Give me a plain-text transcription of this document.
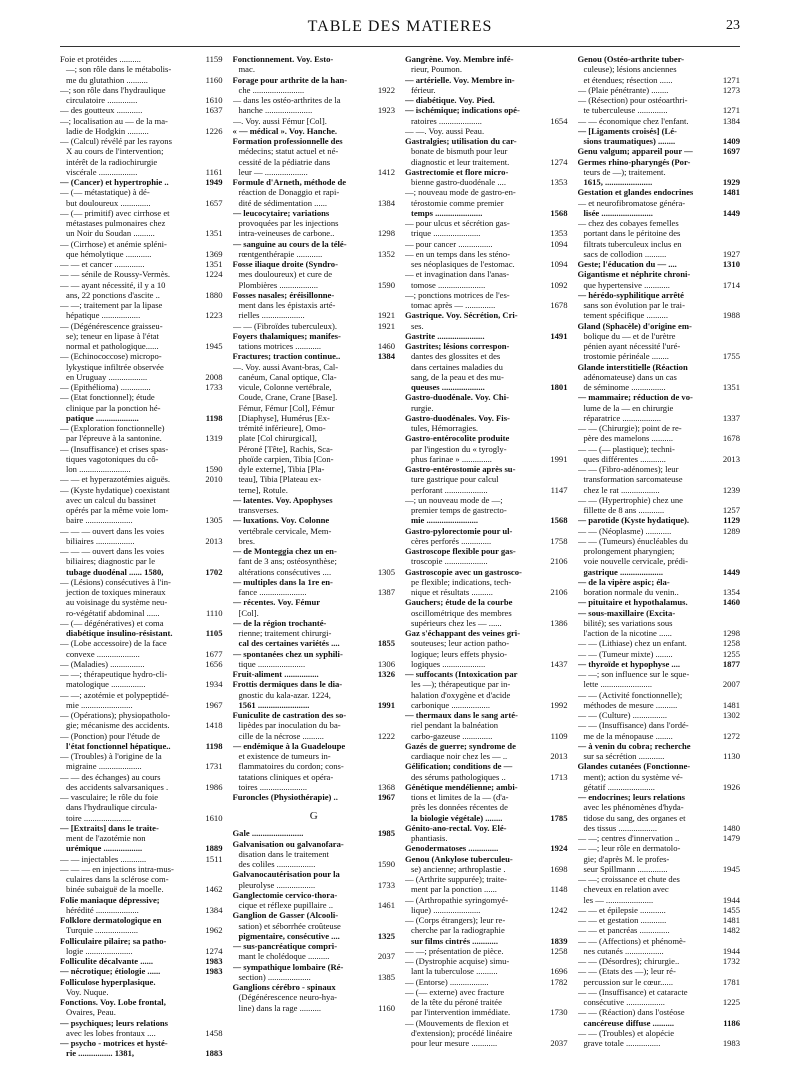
TABLE DES MATIERES	23
Foie et protéides ..........	1159
—; son rôle dans le métabolis-
me du glutathion ..........	1160
—; son rôle dans l'hydraulique
circulatoire ..............	1610
— des goutteux ............	1637
—; localisation au — de la ma-
ladie de Hodgkin ..........	1226
— (Calcul) révélé par les rayons
X au cours de l'intervention;
intérêt de la radiochirurgie
viscérale ..................	1161
— (Cancer) et hypertrophie ..	1949
— (— métastatique) à dé-
but douloureux ..............	1657
— (— primitif) avec cirrhose et
métastases pulmonaires chez
un Noir du Soudan ..........	1351
— (Cirrhose) et anémie spléni-
que hémolytique ............	1369
— — et cancer ..............	1351
— — sénile de Roussy-Vermès.	1224
— — ayant nécessité, il y a 10
ans, 22 ponctions d'ascite ..	1880
— —; traitement par la lipase
hépatique ..................	1223
— (Dégénérescence graisseu-
se); teneur en lipase à l'état
normal et pathologique......	1945
— (Echinococcose) micropo-
lykystique infiltrée observée
en Uruguay ..................	2008
— (Epithélioma) ..............	1733
— (Etat fonctionnel); étude
clinique par la ponction hé-
patique ....................	1198
— (Exploration fonctionnelle)
par l'épreuve à la santonine.	1319
— (Insuffisance) et crises spas-
tiques vagotoniques du cô-
lon ........................	1590
— — et hyperazotémies aiguës.	2010
— (Kyste hydatique) coexistant
avec un calcul du bassinet
opérés par la même voie lom-
baire ......................	1305
— — — ouvert dans les voies
biliaires ..................	2013
— — — ouvert dans les voies
biliaires; diagnostic par le
tubage duodénal ...... 1580,	1702
— (Lésions) consécutives à l'in-
jection de toxiques mineraux
au voisinage du système neu-
ro-végétatif abdominal ......	1110
— (— dégénératives) et coma
diabétique insulino-résistant.	1105
— (Lobe accessoire) de la face
convexe ....................	1677
— (Maladies) ................	1656
— —; thérapeutique hydro-cli-
matologique ................	1934
— —; azotémie et polypeptidé-
mie ........................	1967
— (Opérations); physiopatholo-
gie; mécanisme des accidents.	1418
— (Ponction) pour l'étude de
l'état fonctionnel hépatique..	1198
— (Troubles) à l'origine de la
migraine ....................	1731
— — des échanges) au cours
des accidents salvarsaniques .	1986
— vasculaire; le rôle du foie
dans l'hydraulique circula-
toire ......................	1610
— [Extraits] dans le traite-
ment de l'azotémie non
urémique ..................	1889
— — injectables ............	1511
— — — en injections intra-mus-
culaires dans la sclérose com-
binée subaiguë de la moelle.	1462
Folie maniaque dépressive;
hérédité ....................	1384
Folklore dermatologique en
Turquie ....................	1962
Folliculaire pilaire; sa patho-
logie ......................	1274
Folliculite décalvante ......	1983
— nécrotique; étiologie ......	1983
Folliculose hyperplasique.
Voy. Nuque.
Fonctions. Voy. Lobe frontal,
Ovaires, Peau.
— psychiques; leurs relations
avec les lobes frontaux ....	1458
— psycho - motrices et hysté-
rie ................ 1381,	1883
Fonctionnement. Voy. Esto-
mac.
Forage pour arthrite de la han-
che ........................	1922
— dans les ostéo-arthrites de la
hanche ......................	1923
—. Voy. aussi Fémur [Col].
« — médical ». Voy. Hanche.
Formation professionnelle des
médecins; statut actuel et né-
cessité de la pédiatrie dans
leur — ....................	1412
Formule d'Arneth, méthode de
réaction de Donaggio et rapi-
dité de sédimentation ......	1384
— leucocytaire; variations
provoquées par les injections
intra-veineuses de carbone..	1298
— sanguine au cours de la télé-
rœntgenthérapie ............	1352
Fosse iliaque droite (Syndro-
mes douloureux) et cure de
Plombières ..................	1590
Fosses nasales; éréisillonne-
ment dans les épistaxis arté-
rielles ....................	1921
— — (Fibroïdes tuberculeux).	1921
Foyers thalamiques; manifes-
tations motrices ............	1460
Fractures; traction continue..	1384
—. Voy. aussi Avant-bras, Cal-
canéum, Canal optique, Cla-
vicule, Colonne vertébrale,
Coude, Crane, Crane [Base].
Fémur, Fémur [Col], Fémur
[Diaphyse], Humérus [Ex-
trémité inférieure], Omo-
plate [Col chirurgical],
Péroné [Tête], Rachis, Sca-
phoïde carpien, Tibia [Con-
dyle externe], Tibia [Pla-
teau], Tibia [Plateau ex-
terne], Rotule.
— latentes. Voy. Apophyses
transverses.
— luxations. Voy. Colonne
vertébrale cervicale, Mem-
bres.
— de Monteggia chez un en-
fant de 3 ans; ostéosynthèse;
altérations consécutives ....	1305
— multiples dans la 1re en-
fance ......................	1387
— récentes. Voy. Fémur
[Col].
— de la région trochanté-
rienne; traitement chirurgi-
cal des certaines variétés ....	1855
— spontanées chez un syphili-
tique ......................	1306
Fruit-aliment ................	1326
Frottis dermiques dans le dia-
gnostic du kala-azar. 1224,
1561 ........................	1991
Funiculite de castration des so-
lipèdes par inoculation du ba-
cille de la nécrose ..........	1222
— endémique à la Guadeloupe
et existence de tumeurs in-
flammatoires du cordon; cons-
tatations cliniques et opéra-
toires ......................	1368
Furoncles (Physiothérapie) ..	1967
G
Gale ........................	1985
Galvanisation ou galvanofara-
disation dans le traitement
des coliles ..................	1590
Galvanocautérisation pour la
pleurolyse ..................	1733
Ganglectomie cervico-thora-
cique et réflexe pupillaire ..	1461
Ganglion de Gasser (Alcooli-
sation) et séborrhée croûteuse
pigmentaire, consécutive ....	1325
— sus-pancréatique compri-
mant le cholédoque ..........	2037
— sympathique lombaire (Ré-
section) ....................	1385
Ganglions cérébro - spinaux
(Dégénérescence neuro-hya-
line) dans la rage ..........	1160
Gangrène. Voy. Membre infé-
rieur, Poumon.
— artérielle. Voy. Membre in-
férieur.
— diabétique. Voy. Pied.
— ischémique; indications opé-
ratoires ....................	1654
— —. Voy. aussi Peau.
Gastralgies; utilisation du car-
bonate de bismuth pour leur
diagnostic et leur traitement.	1274
Gastrectomie et flore micro-
bienne gastro-duodénale ....	1353
—; nouveau mode de gastro-en-
térostomie comme premier
temps ......................	1568
— pour ulcus et sécrétion gas-
trique ......................	1353
— pour cancer ................	1094
— en un temps dans les sténo-
ses néoplasiques de l'estomac.	1094
— et invagination dans l'anas-
tomose ......................	1092
—; ponctions motrices de l'es-
tomac après — ..............	1678
Gastrique. Voy. Sécrétion, Cri-
ses.
Gastrite ......................	1491
Gastrites; lésions correspon-
dantes des glossites et des
dans certaines maladies du
sang, de la peau et des mu-
queuses ....................	1801
Gastro-duodénale. Voy. Chi-
rurgie.
Gastro-duodénales. Voy. Fis-
tules, Hémorragies.
Gastro-entérocolite produite
par l'ingestion du « tyrogly-
phus farinae » ..............	1991
Gastro-entérostomie après su-
ture gastrique pour calcul
perforant ....................	1147
—; un nouveau mode de —;
premier temps de gastrecto-
mie ........................	1568
Gastro-pylorectomie pour ul-
cères perforés ..............	1758
Gastroscope flexible pour gas-
troscopie ....................	2106
Gastroscopie avec un gastrosco-
pe flexible; indications, tech-
nique et résultats ..........	2106
Gauchers; étude de la courbe
oscillométrique des membres
supérieurs chez les — ......	1386
Gaz s'échappant des veines gri-
souteuses; leur action patho-
logique; leurs effets physio-
logiques ....................	1437
— suffocants (Intoxication par
les —); thérapeutique par in-
halation d'oxygène et d'acide
carbonique ..................	1992
— thermaux dans le sang arté-
riel pendant la balnéation
carbo-gazeuse ..............	1109
Gazés de guerre; syndrome de
cardiaque noir chez les — ..	2013
Gélification; conditions de —
des sérums pathologiques ..	1713
Génétique mendélienne; ambi-
tions et limites de la — (d'a-
près les données récentes de
la biologie végétale) ........	1785
Génito-ano-rectal. Voy. Elé-
phantiasis.
Genodermatoses ..............	1924
Genou (Ankylose tuberculeu-
se) ancienne; arthroplastie .	1698
— (Arthrite suppurée); traite-
ment par la ponction ......	1148
— (Arthropathie syringomyé-
lique) ......................	1242
— (Corps étrangers); leur re-
cherche par la radiographie
sur films cintrés ............	1839
— —; présentation de pièce.	1258
— (Dystrophie acquise) simu-
lant la tuberculose ..........	1696
— (Entorse) ..................	1782
— (— externe) avec fracture
de la tête du péroné traitée
par l'intervention immédiate.	1730
— (Mouvements de flexion et
d'extension); procédé linéaire
pour leur mesure ............	2037
Genou (Ostéo-arthrite tuber-
culeuse); lésions anciennes
et étendues; résection ......	1271
— (Plaie pénétrante) ........	1273
— (Résection) pour ostéoarthri-
te tuberculeuse ..............	1271
— — économique chez l'enfant.	1384
— [Ligaments croisés] (Lé-
sions traumatiques) ........	1409
Genu valgum; appareil pour —	1697
Germes rhino-pharyngés (Por-
teurs de —); traitement.
1615, ......................	1929
Gestation et glandes endocrines	1481
— et neurofibromatose généra-
lisée ........................	1449
— chez des cobayes femelles
portant dans le péritoine des
filtrats tuberculeux inclus en
sacs de collodion ..........	1927
Geste; l'éducation du — ....	1310
Gigantisme et néphrite chroni-
que hypertensive ............	1714
— hérédo-syphilitique arrêté
sans son évolution par le trai-
tement spécifique ..........	1988
Gland (Sphacèle) d'origine em-
bolique du — et de l'urètre
pénien ayant nécessité l'uré-
trostomie périnéale ........	1755
Glande interstitielle (Réaction
adénomateuse) dans un cas
de séminome ................	1351
— mammaire; réduction de vo-
lume de la — en chirurgie
réparatrice ..................	1337
— — (Chirurgie); point de re-
père des mamelons ..........	1678
— — (— plastique); techni-
ques différentes ............	2013
— — (Fibro-adénomes); leur
transformation sarcomateuse
chez le rat ..................	1239
— — (Hypertrophie) chez une
fillette de 8 ans ............	1257
— parotide (Kyste hydatique).	1129
— — (Néoplasme) ............	1289
— — (Tumeurs) énucléables du
prolongement pharyngien;
voie nouvelle cervicale, prédi-
gastrique ....................	1449
— de la vipère aspic; éla-
boration normale du venin..	1354
— pituitaire et hypothalamus.	1460
— sous-maxillaire (Excita-
bilité); ses variations sous
l'action de la nicotine ......	1298
— — (Lithiase) chez un enfant.	1258
— — (Tumeur mixte) ........	1255
— thyroïde et hypophyse ....	1877
— —; son influence sur le sque-
lette ........................	2007
— — (Activité fonctionnelle);
méthodes de mesure ..........	1481
— — (Culture) ................	1302
— — (Insuffisance) dans l'ordé-
me de la ménopause ........	1272
— à venin du cobra; recherche
sur sa sécrétion ............	1130
Glandes cutanées (Fonctionne-
ment); action du système vé-
gétatif ......................	1926
— endocrines; leurs relations
avec les phénomènes d'hyda-
tidose du sang, des organes et
des tissus ..................	1480
— —; centres d'innervation ..	1479
— —; leur rôle en dermatolo-
gie; d'après M. le profes-
seur Spillmann ..............	1945
— —; croissance et chute des
cheveux en relation avec
les — ......................	1944
— — et épilepsie ............	1455
— — et gestation ............	1481
— — et pancréas ..............	1482
— — (Affections) et phénomè-
nes cutanés ..................	1944
— — (Désordres); chirurgie..	1732
— — (Etats des —); leur ré-
percussion sur le cœur......	1781
— — (Insuffisance) et cataracte
consécutive ..................	1225
— — (Réaction) dans l'ostéose
cancéreuse diffuse ..........	1186
— — (Troubles) et alopécie
grave totale ................	1983
